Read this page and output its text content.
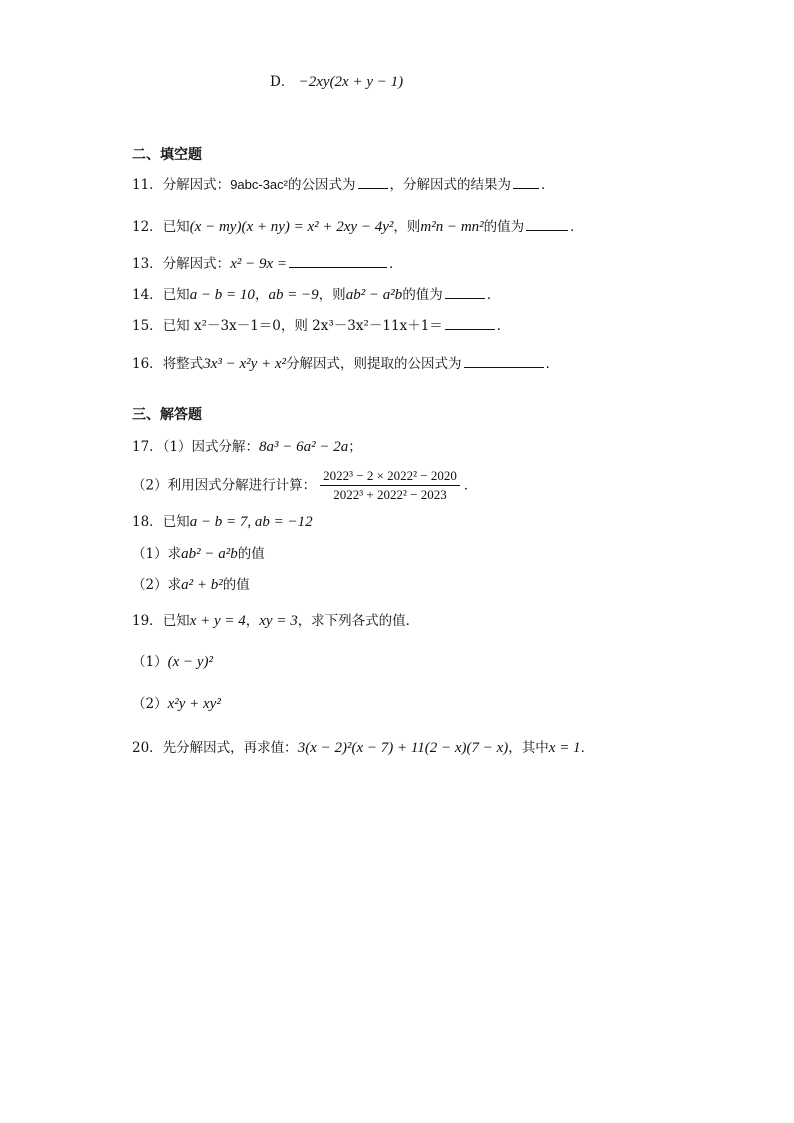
D． −2xy(2x + y − 1)
二、填空题
11．分解因式：9abc-3ac²的公因式为	，分解因式的结果为 ．
12．已知(x − my)(x + ny) = x² + 2xy − 4y²，则m²n − mn²的值为	．
13．分解因式：x² − 9x =	．
14．已知a − b = 10，ab = −9，则ab² − a²b的值为	．
15．已知 x²－3x－1＝0，则 2x³－3x²－11x＋1＝	．
16．将整式3x³ − x²y + x²分解因式，则提取的公因式为	．
三、解答题
17．（1）因式分解：8a³ − 6a² − 2a；
（2）利用因式分解进行计算： $\frac{\text{2022³ − 2 × 2022² − 2020}}{\text{2022³ + 2022² − 2023}}$ ．
18．已知a − b = 7, ab = −12
（1）求ab² − a²b的值
（2）求a² + b²的值
19．已知x + y = 4，xy = 3，求下列各式的值．
（1）(x − y)²
（2）x²y + xy²
20．先分解因式，再求值：3(x − 2)²(x − 7) + 11(2 − x)(7 − x)，其中x = 1．
